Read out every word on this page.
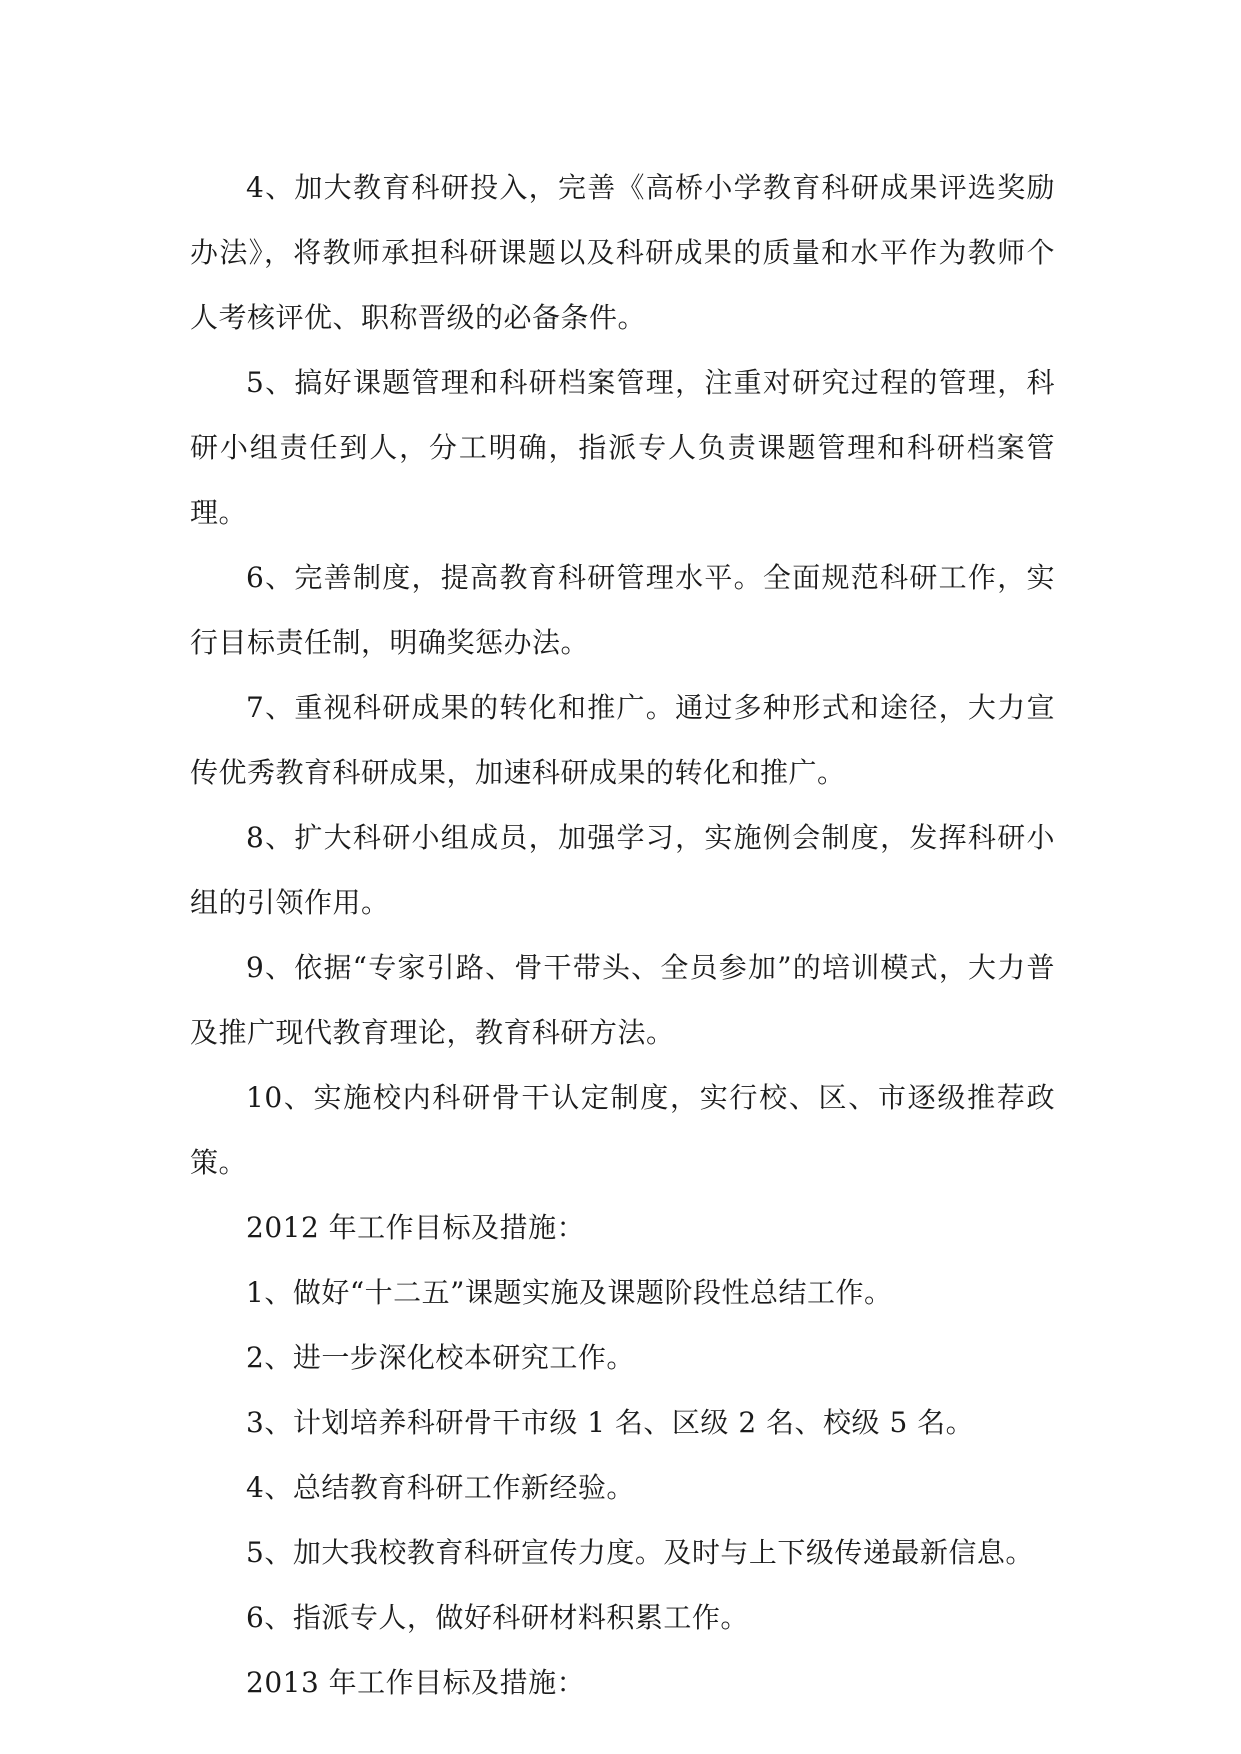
4、加大教育科研投入，完善《高桥小学教育科研成果评选奖励办法》，将教师承担科研课题以及科研成果的质量和水平作为教师个人考核评优、职称晋级的必备条件。

5、搞好课题管理和科研档案管理，注重对研究过程的管理，科研小组责任到人，分工明确，指派专人负责课题管理和科研档案管理。

6、完善制度，提高教育科研管理水平。全面规范科研工作，实行目标责任制，明确奖惩办法。

7、重视科研成果的转化和推广。通过多种形式和途径，大力宣传优秀教育科研成果，加速科研成果的转化和推广。

8、扩大科研小组成员，加强学习，实施例会制度，发挥科研小组的引领作用。

9、依据“专家引路、骨干带头、全员参加”的培训模式，大力普及推广现代教育理论，教育科研方法。

10、实施校内科研骨干认定制度，实行校、区、市逐级推荐政策。

2012 年工作目标及措施：

1、做好“十二五”课题实施及课题阶段性总结工作。

2、进一步深化校本研究工作。

3、计划培养科研骨干市级 1 名、区级 2 名、校级 5 名。

4、总结教育科研工作新经验。

5、加大我校教育科研宣传力度。及时与上下级传递最新信息。

6、指派专人，做好科研材料积累工作。

2013 年工作目标及措施：
